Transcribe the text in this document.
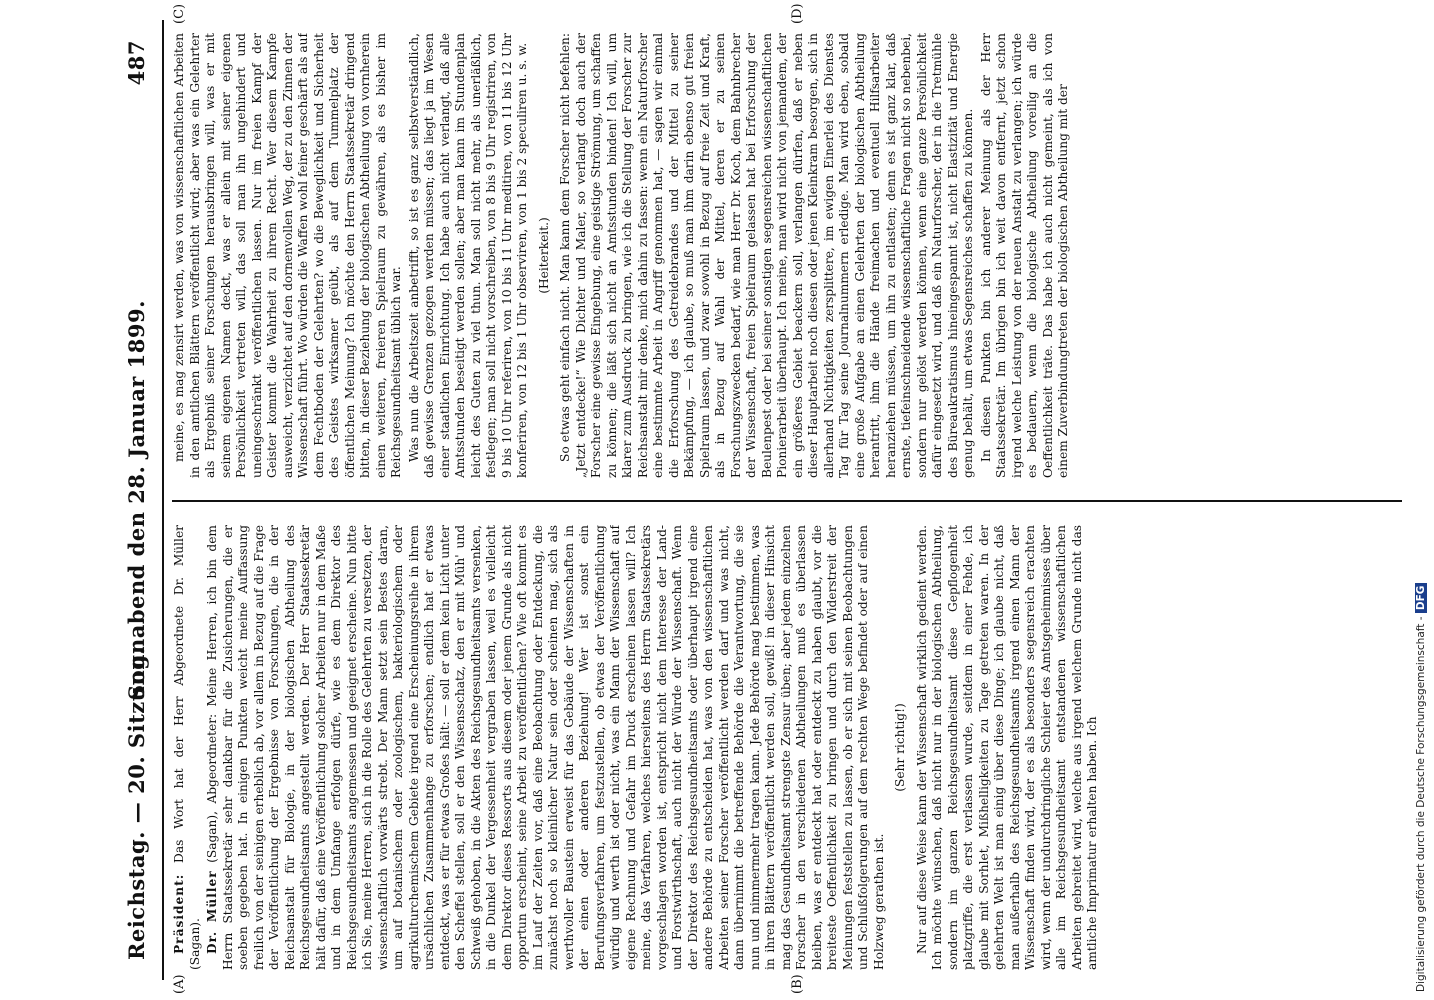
Reichstag. — 20. Sitzung.
Sonnabend den 28. Januar 1899.
487
(A)	(B)
(C)	(D)

Präsident: Das Wort hat der Herr Abgeordnete Dr. Müller (Sagan). Dr. Müller (Sagan), Abgeordneter: Meine Herren, ich bin dem Herrn Staatssekretär sehr dankbar für die Zusicherungen, die er soeben gegeben hat. In einigen Punkten weicht meine Auffassung freilich von der seinigen erheblich ab, vor allem in Bezug auf die Frage der Veröffentlichung der Ergebnisse von Forschungen, die in der Reichsanstalt für Biologie, in der biologischen Abtheilung des Reichsgesundheitsamts angestellt werden. Der Herr Staatssekretär hält dafür, daß eine Veröffentlichung solcher Arbeiten nur in dem Maße und in dem Umfange erfolgen dürfe, wie es dem Direktor des Reichsgesundheitsamts angemessen und geeignet erscheine. Nun bitte ich Sie, meine Herren, sich in die Rolle des Gelehrten zu versetzen, der wissenschaftlich vorwärts strebt. Der Mann setzt sein Bestes daran, um auf botanischem oder zoologischem, bakteriologischem oder agrikulturchemischem Gebiete irgend eine Erscheinungsreihe in ihrem ursächlichen Zusammenhange zu erforschen; endlich hat er etwas entdeckt, was er für etwas Großes hält: — soll er dem kein Licht unter den Scheffel stellen, soll er den Wissensschatz, den er mit Müh' und Schweiß gehoben, in die Akten des Reichsgesundheitsamts versenken, in die Dunkel der Vergessenheit vergraben lassen, weil es vielleicht dem Direktor dieses Ressorts aus diesem oder jenem Grunde als nicht opportun erscheint, seine Arbeit zu veröffentlichen? Wie oft kommt es im Lauf der Zeiten vor, daß eine Beobachtung oder Entdeckung, die zunächst noch so kleinlicher Natur sein oder scheinen mag, sich als werthvoller Baustein erweist für das Gebäude der Wissenschaften in der einen oder anderen Beziehung! Wer ist sonst ein Berufungsverfahren, um festzustellen, ob etwas der Veröffentlichung würdig und werth ist oder nicht, was ein Mann der Wissenschaft auf eigene Rechnung und Gefahr im Druck erscheinen lassen will? Ich meine, das Verfahren, welches hierseitens des Herrn Staatssekretärs vorgeschlagen worden ist, entspricht nicht dem Interesse der Land- und Forstwirthschaft, auch nicht der Würde der Wissenschaft. Wenn der Direktor des Reichsgesundheitsamts oder überhaupt irgend eine andere Behörde zu entscheiden hat, was von den wissenschaftlichen Arbeiten seiner Forscher veröffentlicht werden darf und was nicht, dann übernimmt die betreffende Behörde die Verantwortung, die sie nun und nimmermehr tragen kann. Jede Behörde mag bestimmen, was in ihren Blättern veröffentlicht werden soll, gewiß! in dieser Hinsicht mag das Gesundheitsamt strengste Zensur üben; aber jedem einzelnen Forscher in den verschiedenen Abtheilungen muß es überlassen bleiben, was er entdeckt hat oder entdeckt zu haben glaubt, vor die breiteste Oeffentlichkeit zu bringen und durch den Widerstreit der Meinungen feststellen zu lassen, ob er sich mit seinen Beobachtungen und Schlußfolgerungen auf dem rechten Wege befindet oder auf einen Holzweg gerathen ist.

(Sehr richtig!) Nur auf diese Weise kann der Wissenschaft wirklich gedient werden. Ich möchte wünschen, daß nicht nur in der biologischen Abtheilung, sondern im ganzen Reichsgesundheitsamt diese Gepflogenheit platzgriffe, die erst verlassen wurde, seitdem in einer Fehde, ich glaube mit Sorhlet, Mißhelligkeiten zu Tage getreten waren. In der gelehrten Welt ist man einig über diese Dinge; ich glaube nicht, daß man außerhalb des Reichsgesundheitsamts irgend einen Mann der Wissenschaft finden wird, der es als besonders segensreich erachten wird, wenn der undurchdringliche Schleier des Amtsgeheimnisses über alle im Reichsgesundheitsamt entstandenen wissenschaftlichen Arbeiten gebreitet wird, welche aus irgend welchem Grunde nicht das amtliche Imprimatur erhalten haben. Ich

meine, es mag zensirt werden, was von wissenschaftlichen Arbeiten in den amtlichen Blättern veröffentlicht wird; aber was ein Gelehrter als Ergebniß seiner Forschungen herausbringen will, was er mit seinem eigenen Namen deckt, was er allein mit seiner eigenen Persönlichkeit vertreten will, das soll man ihn ungehindert und uneingeschränkt veröffentlichen lassen. Nur im freien Kampf der Geister kommt die Wahrheit zu ihrem Recht. Wer diesem Kampfe ausweicht, verzichtet auf den dornenvollen Weg, der zu den Zinnen der Wissenschaft führt. Wo würden die Waffen wohl feiner geschärft als auf dem Fechtboden der Gelehrten? wo die Beweglichkeit und Sicherheit des Geistes wirksamer geübt, als auf dem Tummelplatz der öffentlichen Meinung? Ich möchte den Herrn Staatssekretär dringend bitten, in dieser Beziehung der biologischen Abtheilung von vornherein einen weiteren, freieren Spielraum zu gewähren, als es bisher im Reichsgesundheitsamt üblich war. Was nun die Arbeitszeit anbetrifft, so ist es ganz selbstverständlich, daß gewisse Grenzen gezogen werden müssen; das liegt ja im Wesen einer staatlichen Einrichtung. Ich habe auch nicht verlangt, daß alle Amtsstunden beseitigt werden sollen; aber man kann im Stundenplan leicht des Guten zu viel thun. Man soll nicht mehr, als unerläßlich, festlegen; man soll nicht vorschreiben, von 8 bis 9 Uhr registriren, von 9 bis 10 Uhr referiren, von 10 bis 11 Uhr meditiren, von 11 bis 12 Uhr konferiren, von 12 bis 1 Uhr observiren, von 1 bis 2 speculiren u. s. w. (Heiterkeit.) So etwas geht einfach nicht. Man kann dem Forscher nicht befehlen: „Jetzt entdecke!“ Wie Dichter und Maler, so verlangt doch auch der Forscher eine gewisse Eingebung, eine geistige Strömung, um schaffen zu können; die läßt sich nicht an Amtsstunden binden! Ich will, um klarer zum Ausdruck zu bringen, wie ich die Stellung der Forscher zur Reichsanstalt mir denke, mich dahin zu fassen: wenn ein Naturforscher eine bestimmte Arbeit in Angriff genommen hat, — sagen wir einmal die Erforschung des Getreidebrandes und der Mittel zu seiner Bekämpfung, — ich glaube, so muß man ihm darin ebenso gut freien Spielraum lassen, und zwar sowohl in Bezug auf freie Zeit und Kraft, als in Bezug auf Wahl der Mittel, deren er zu seinen Forschungszwecken bedarf, wie man Herr Dr. Koch, dem Bahnbrecher der Wissenschaft, freien Spielraum gelassen hat bei Erforschung der Beulenpest oder bei seiner sonstigen segensreichen wissenschaftlichen Pionierarbeit überhaupt. Ich meine, man wird nicht von jemandem, der ein größeres Gebiet beackern soll, verlangen dürfen, daß er neben dieser Hauptarbeit noch diesen oder jenen Kleinkram besorgen, sich in allerhand Nichtigkeiten zersplittere, im ewigen Einerlei des Dienstes Tag für Tag seine Journalnummern erledige. Man wird eben, sobald eine große Aufgabe an einen Gelehrten der biologischen Abtheilung herantritt, ihm die Hände freimachen und eventuell Hilfsarbeiter heranziehen müssen, um ihn zu entlasten; denn es ist ganz klar, daß ernste, tiefeinschneidende wissenschaftliche Fragen nicht so nebenbei, sondern nur gelöst werden können, wenn eine ganze Persönlichkeit dafür eingesetzt wird, und daß ein Naturforscher, der in die Tretmühle des Büreaukratismus hineingespannt ist, nicht Elastizität und Energie genug behält, um etwas Segensreiches schaffen zu können. In diesen Punkten bin ich anderer Meinung als der Herr Staatssekretär. Im übrigen bin ich weit davon entfernt, jetzt schon irgend welche Leistung von der neuen Anstalt zu verlangen; ich würde es bedauern, wenn die biologische Abtheilung voreilig an die Oeffentlichkeit träte. Das habe ich auch nicht gemeint, als ich von einem Zuverbindungtreten der biologischen Abtheilung mit der

Digitalisierung gefördert durch die Deutsche Forschungsgemeinschaft - DFG
